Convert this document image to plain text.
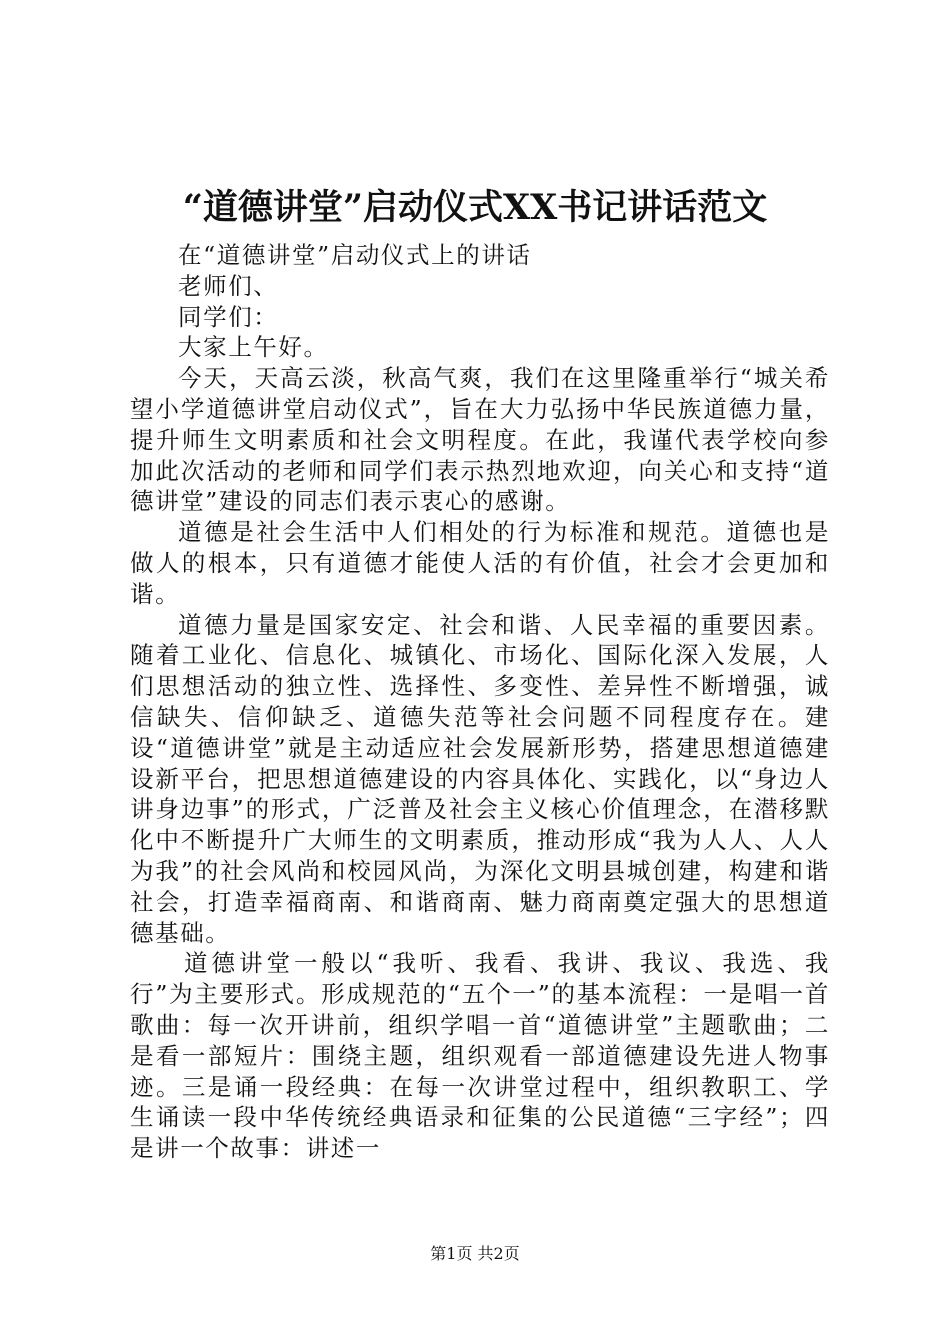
“道德讲堂”启动仪式XX书记讲话范文

在“道德讲堂”启动仪式上的讲话

老师们、

同学们：

大家上午好。

今天，天高云淡，秋高气爽，我们在这里隆重举行“城关希望小学道德讲堂启动仪式”，旨在大力弘扬中华民族道德力量，提升师生文明素质和社会文明程度。在此，我谨代表学校向参加此次活动的老师和同学们表示热烈地欢迎，向关心和支持“道德讲堂”建设的同志们表示衷心的感谢。

道德是社会生活中人们相处的行为标准和规范。道德也是做人的根本，只有道德才能使人活的有价值，社会才会更加和谐。

道德力量是国家安定、社会和谐、人民幸福的重要因素。随着工业化、信息化、城镇化、市场化、国际化深入发展，人们思想活动的独立性、选择性、多变性、差异性不断增强，诚信缺失、信仰缺乏、道德失范等社会问题不同程度存在。建设“道德讲堂”就是主动适应社会发展新形势，搭建思想道德建设新平台，把思想道德建设的内容具体化、实践化，以“身边人讲身边事”的形式，广泛普及社会主义核心价值理念，在潜移默化中不断提升广大师生的文明素质，推动形成“我为人人、人人为我”的社会风尚和校园风尚，为深化文明县城创建，构建和谐社会，打造幸福商南、和谐商南、魅力商南奠定强大的思想道德基础。

道德讲堂一般以“我听、我看、我讲、我议、我选、我行”为主要形式。形成规范的“五个一”的基本流程：一是唱一首歌曲：每一次开讲前，组织学唱一首“道德讲堂”主题歌曲；二是看一部短片：围绕主题，组织观看一部道德建设先进人物事迹。三是诵一段经典：在每一次讲堂过程中，组织教职工、学生诵读一段中华传统经典语录和征集的公民道德“三字经”；四是讲一个故事：讲述一

第1页 共2页
